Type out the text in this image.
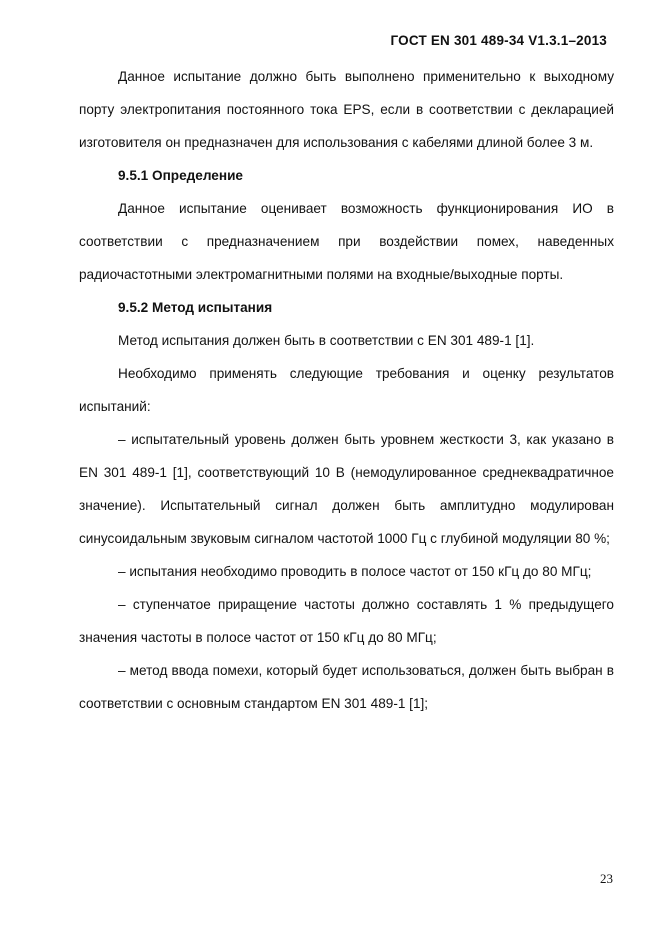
ГОСТ EN 301 489-34 V1.3.1–2013

Данное испытание должно быть выполнено применительно к выходному порту электропитания постоянного тока EPS, если в соответствии с декларацией изготовителя он предназначен для использования с кабелями длиной более 3 м.

9.5.1 Определение

Данное испытание оценивает возможность функционирования ИО в соответствии с предназначением при воздействии помех, наведенных радиочастотными электромагнитными полями на входные/выходные порты.

9.5.2 Метод испытания

Метод испытания должен быть в соответствии с EN 301 489-1 [1].

Необходимо применять следующие требования и оценку результатов испытаний:

– испытательный уровень должен быть уровнем жесткости 3, как указано в EN 301 489-1 [1], соответствующий 10 В (немодулированное среднеквадратичное значение). Испытательный сигнал должен быть амплитудно модулирован синусоидальным звуковым сигналом частотой 1000 Гц с глубиной модуляции 80 %;

– испытания необходимо проводить в полосе частот от 150 кГц до 80 МГц;

– ступенчатое приращение частоты должно составлять 1 % предыдущего значения частоты в полосе частот от 150 кГц до 80 МГц;

– метод ввода помехи, который будет использоваться, должен быть выбран в соответствии с основным стандартом EN 301 489-1 [1];

23
